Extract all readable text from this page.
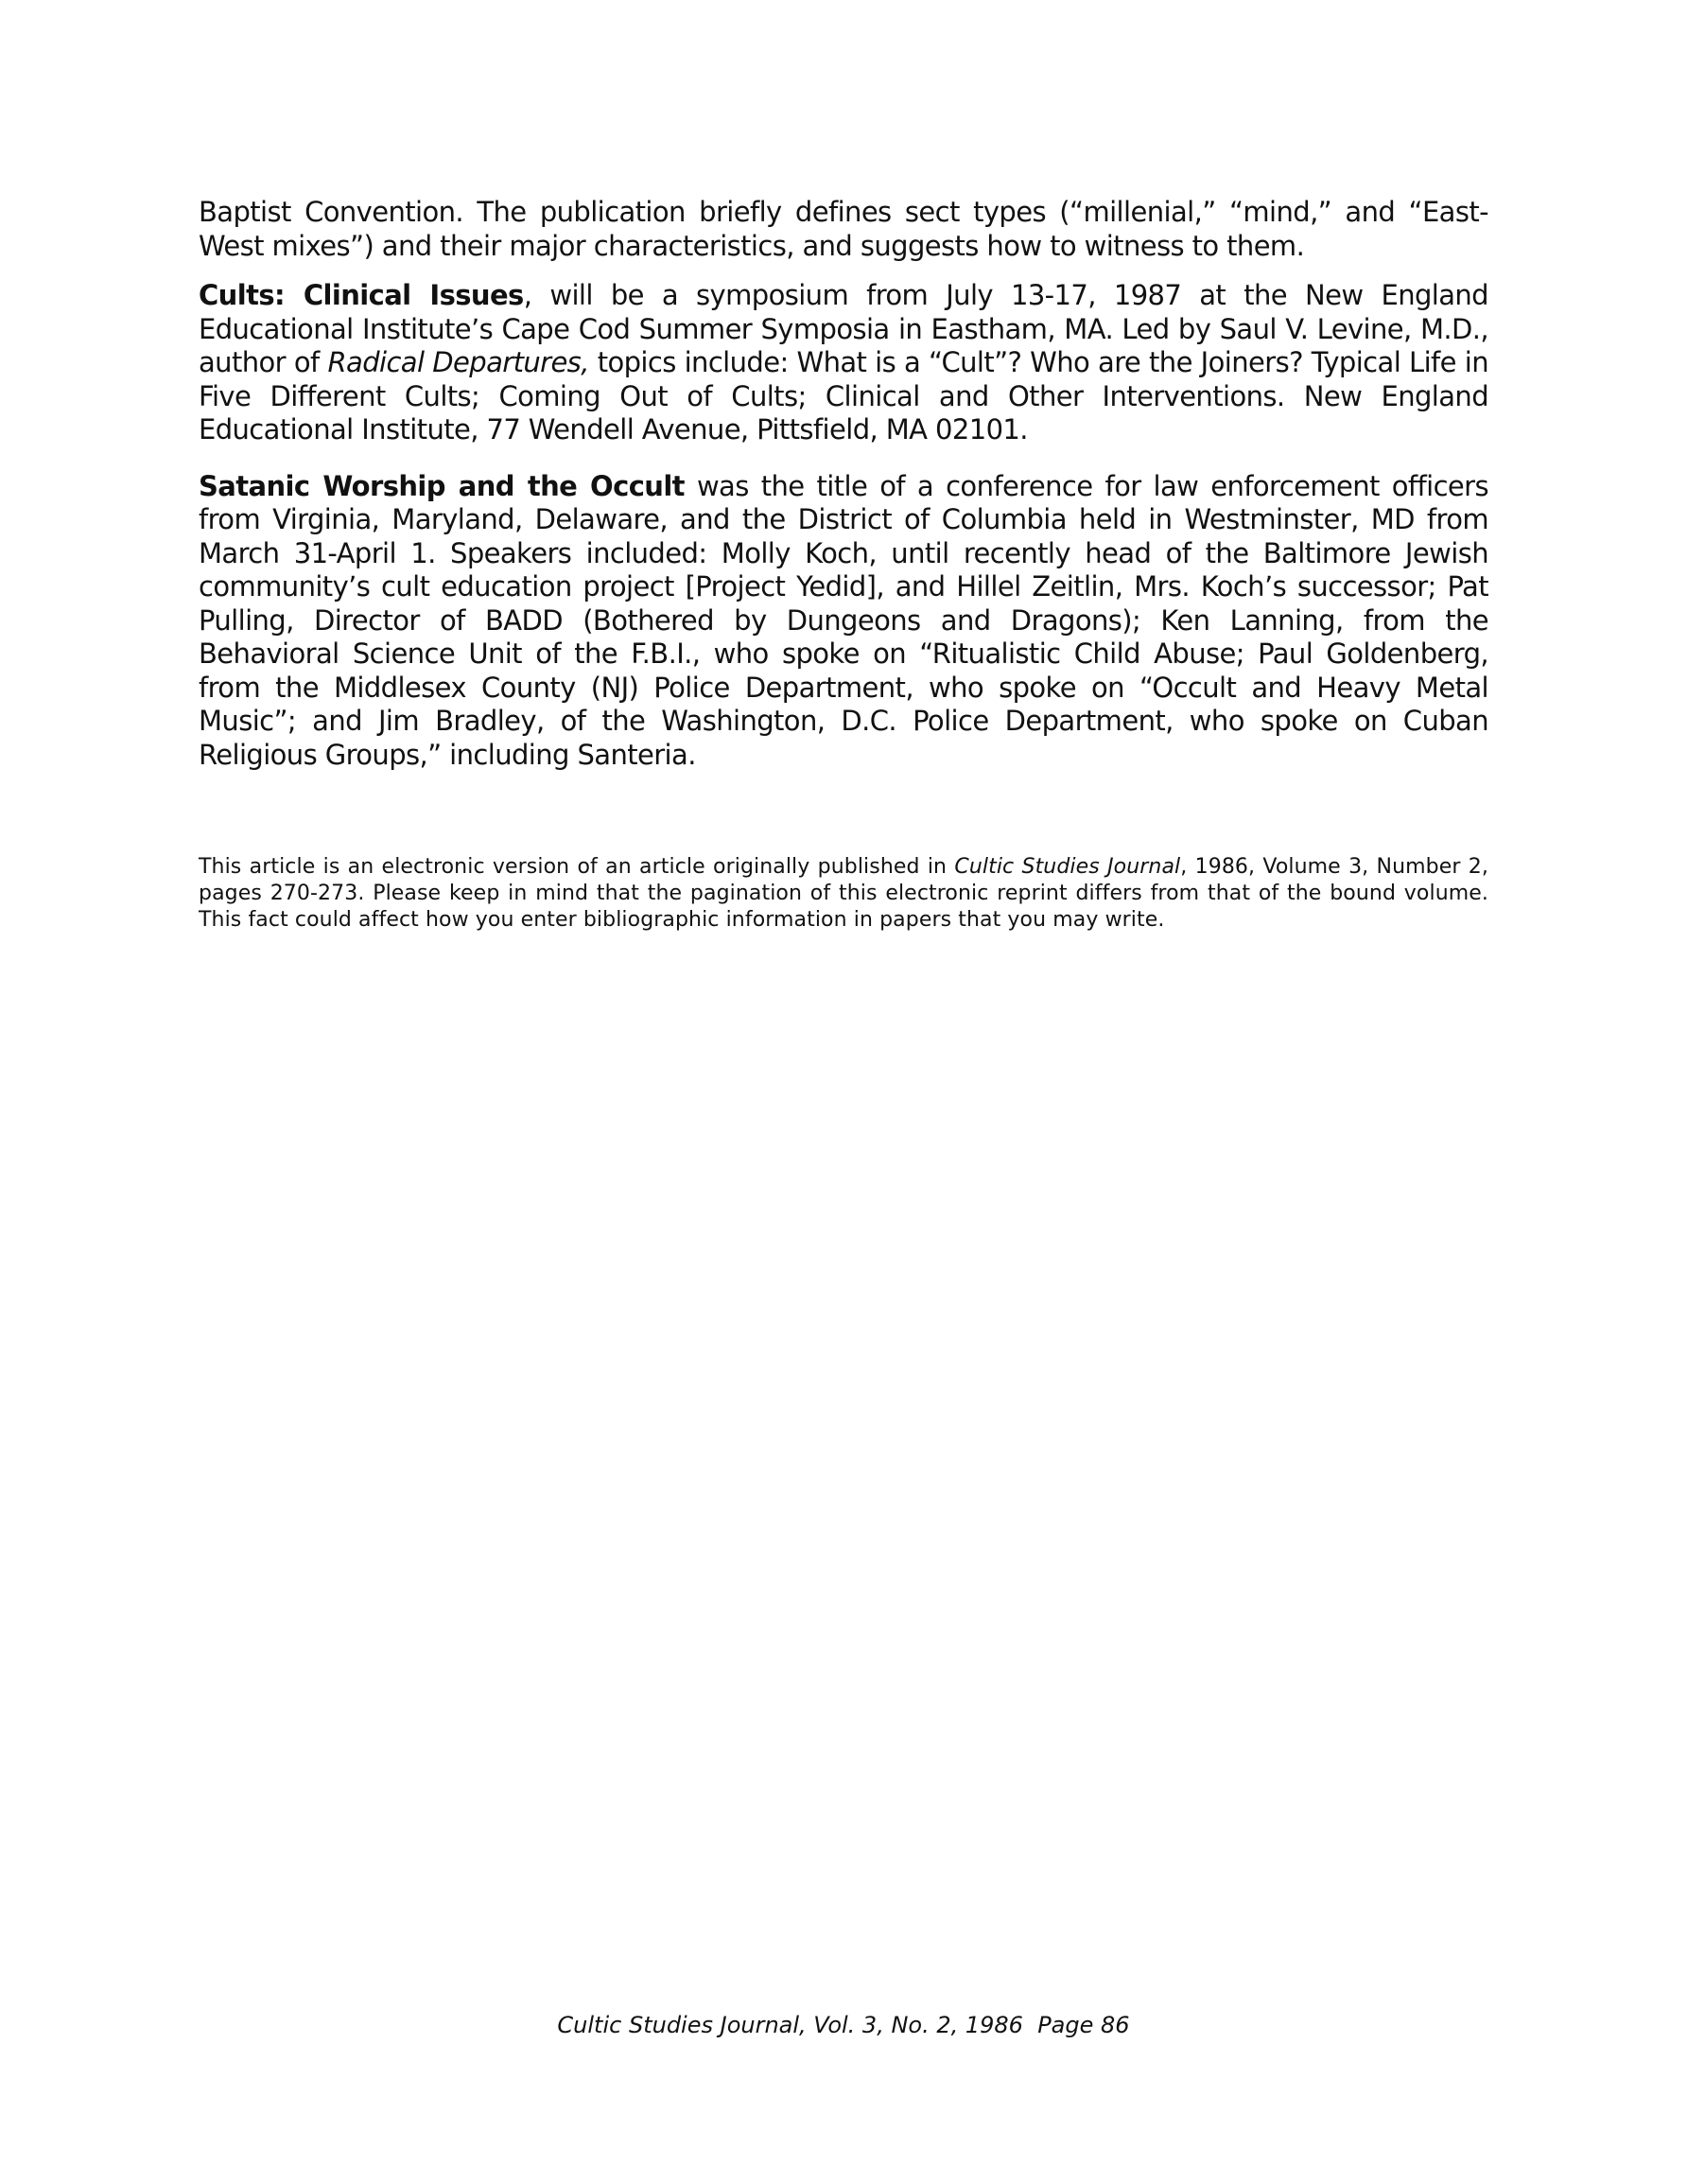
Baptist Convention. The publication briefly defines sect types (“millenial,” “mind,” and “East-West mixes”) and their major characteristics, and suggests how to witness to them.

Cults: Clinical Issues, will be a symposium from July 13-17, 1987 at the New England Educational Institute’s Cape Cod Summer Symposia in Eastham, MA. Led by Saul V. Levine, M.D., author of Radical Departures, topics include: What is a “Cult”? Who are the Joiners? Typical Life in Five Different Cults; Coming Out of Cults; Clinical and Other Interventions. New England Educational Institute, 77 Wendell Avenue, Pittsfield, MA 02101.

Satanic Worship and the Occult was the title of a conference for law enforcement officers from Virginia, Maryland, Delaware, and the District of Columbia held in Westminster, MD from March 31-April 1. Speakers included: Molly Koch, until recently head of the Baltimore Jewish community’s cult education project [Project Yedid], and Hillel Zeitlin, Mrs. Koch’s successor; Pat Pulling, Director of BADD (Bothered by Dungeons and Dragons); Ken Lanning, from the Behavioral Science Unit of the F.B.I., who spoke on “Ritualistic Child Abuse; Paul Goldenberg, from the Middlesex County (NJ) Police Department, who spoke on “Occult and Heavy Metal Music”; and Jim Bradley, of the Washington, D.C. Police Department, who spoke on Cuban Religious Groups,” including Santeria.

This article is an electronic version of an article originally published in Cultic Studies Journal, 1986, Volume 3, Number 2, pages 270-273. Please keep in mind that the pagination of this electronic reprint differs from that of the bound volume. This fact could affect how you enter bibliographic information in papers that you may write.

Cultic Studies Journal, Vol. 3, No. 2, 1986  Page 86
